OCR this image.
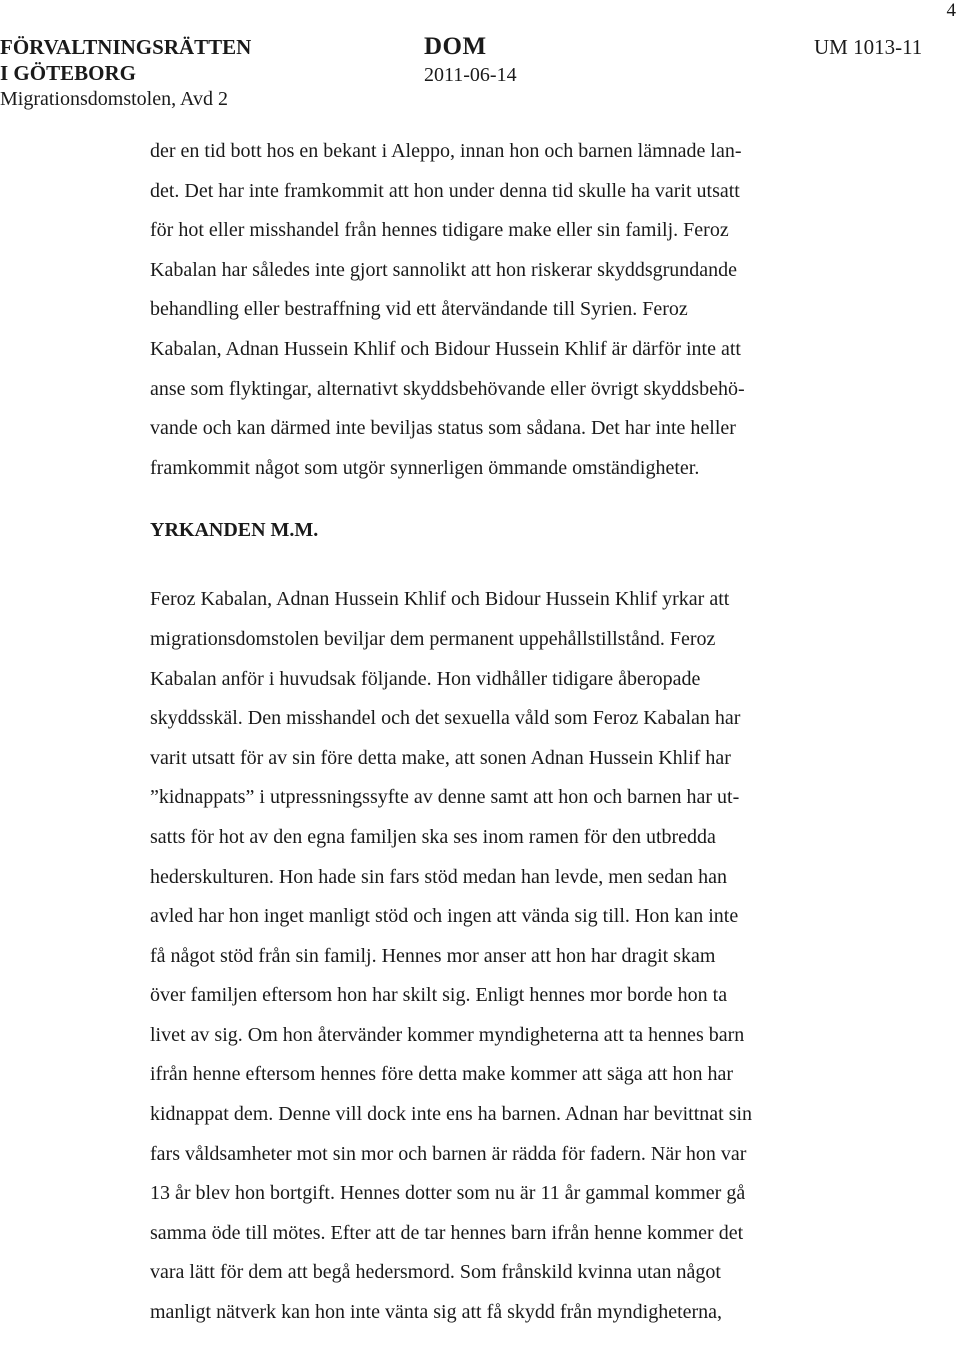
4
FÖRVALTNINGSRÄTTEN
I GÖTEBORG
Migrationsdomstolen, Avd 2
DOM
2011-06-14
UM 1013-11

der en tid bott hos en bekant i Aleppo, innan hon och barnen lämnade lan-
det. Det har inte framkommit att hon under denna tid skulle ha varit utsatt
för hot eller misshandel från hennes tidigare make eller sin familj. Feroz
Kabalan har således inte gjort sannolikt att hon riskerar skyddsgrundande
behandling eller bestraffning vid ett återvändande till Syrien. Feroz
Kabalan, Adnan Hussein Khlif och Bidour Hussein Khlif är därför inte att
anse som flyktingar, alternativt skyddsbehövande eller övrigt skyddsbehö-
vande och kan därmed inte beviljas status som sådana. Det har inte heller
framkommit något som utgör synnerligen ömmande omständigheter.

YRKANDEN M.M.

Feroz Kabalan, Adnan Hussein Khlif och Bidour Hussein Khlif yrkar att
migrationsdomstolen beviljar dem permanent uppehållstillstånd. Feroz
Kabalan anför i huvudsak följande. Hon vidhåller tidigare åberopade
skyddsskäl. Den misshandel och det sexuella våld som Feroz Kabalan har
varit utsatt för av sin före detta make, att sonen Adnan Hussein Khlif har
”kidnappats” i utpressningssyfte av denne samt att hon och barnen har ut-
satts för hot av den egna familjen ska ses inom ramen för den utbredda
hederskulturen. Hon hade sin fars stöd medan han levde, men sedan han
avled har hon inget manligt stöd och ingen att vända sig till. Hon kan inte
få något stöd från sin familj. Hennes mor anser att hon har dragit skam
över familjen eftersom hon har skilt sig. Enligt hennes mor borde hon ta
livet av sig. Om hon återvänder kommer myndigheterna att ta hennes barn
ifrån henne eftersom hennes före detta make kommer att säga att hon har
kidnappat dem. Denne vill dock inte ens ha barnen. Adnan har bevittnat sin
fars våldsamheter mot sin mor och barnen är rädda för fadern. När hon var
13 år blev hon bortgift. Hennes dotter som nu är 11 år gammal kommer gå
samma öde till mötes. Efter att de tar hennes barn ifrån henne kommer det
vara lätt för dem att begå hedersmord. Som frånskild kvinna utan något
manligt nätverk kan hon inte vänta sig att få skydd från myndigheterna,
